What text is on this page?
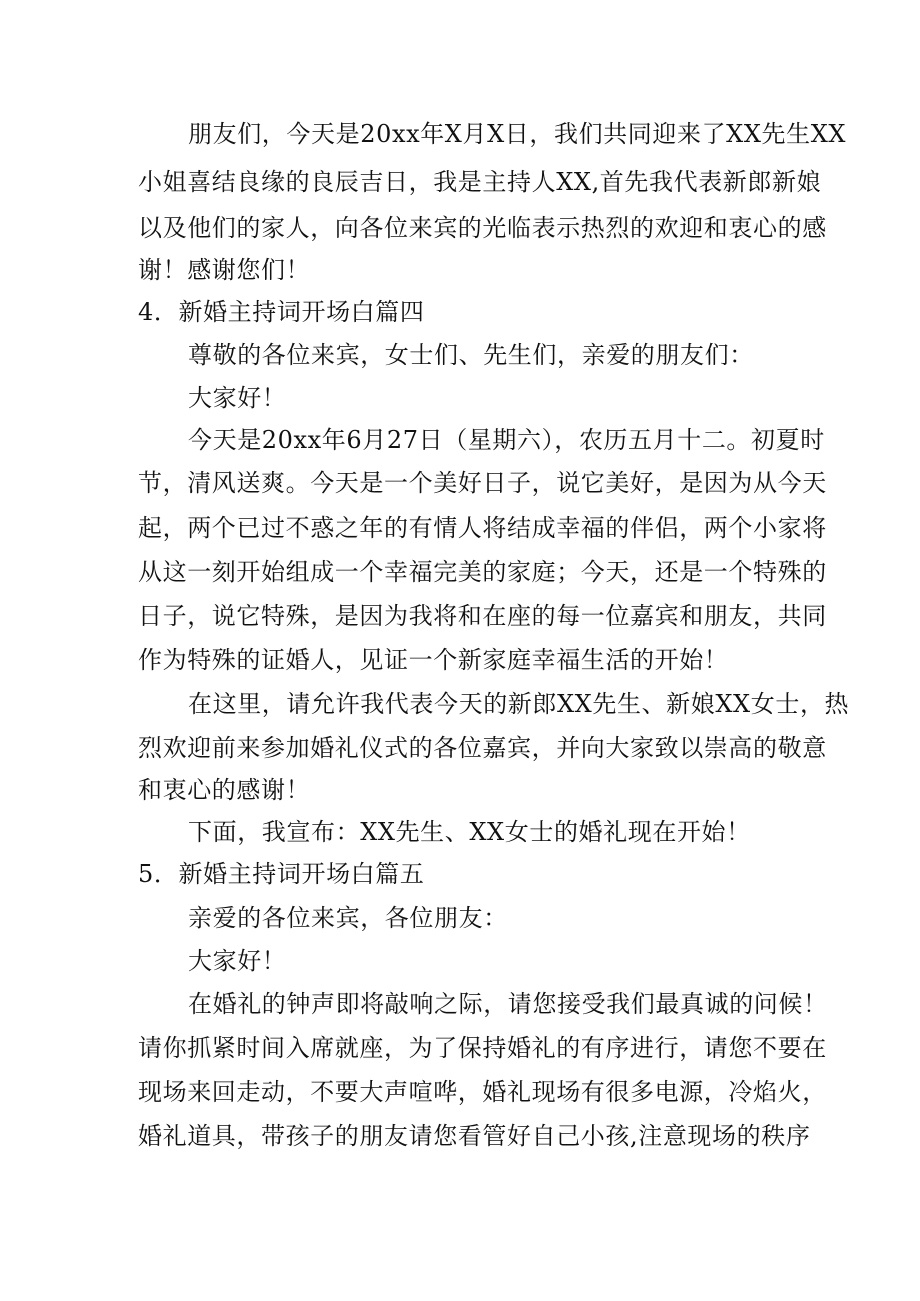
朋友们，今天是20xx年X月X日，我们共同迎来了XX先生XX
小姐喜结良缘的良辰吉日，我是主持人XX,首先我代表新郎新娘
以及他们的家人，向各位来宾的光临表示热烈的欢迎和衷心的感
谢！感谢您们！
4．新婚主持词开场白篇四
尊敬的各位来宾，女士们、先生们，亲爱的朋友们：
大家好！
今天是20xx年6月27日（星期六），农历五月十二。初夏时
节，清风送爽。今天是一个美好日子，说它美好，是因为从今天
起，两个已过不惑之年的有情人将结成幸福的伴侣，两个小家将
从这一刻开始组成一个幸福完美的家庭；今天，还是一个特殊的
日子，说它特殊，是因为我将和在座的每一位嘉宾和朋友，共同
作为特殊的证婚人，见证一个新家庭幸福生活的开始！
在这里，请允许我代表今天的新郎XX先生、新娘XX女士，热
烈欢迎前来参加婚礼仪式的各位嘉宾，并向大家致以崇高的敬意
和衷心的感谢！
下面，我宣布：XX先生、XX女士的婚礼现在开始！
5．新婚主持词开场白篇五
亲爱的各位来宾，各位朋友：
大家好！
在婚礼的钟声即将敲响之际，请您接受我们最真诚的问候！
请你抓紧时间入席就座，为了保持婚礼的有序进行，请您不要在
现场来回走动，不要大声喧哗，婚礼现场有很多电源，冷焰火，
婚礼道具，带孩子的朋友请您看管好自己小孩,注意现场的秩序
